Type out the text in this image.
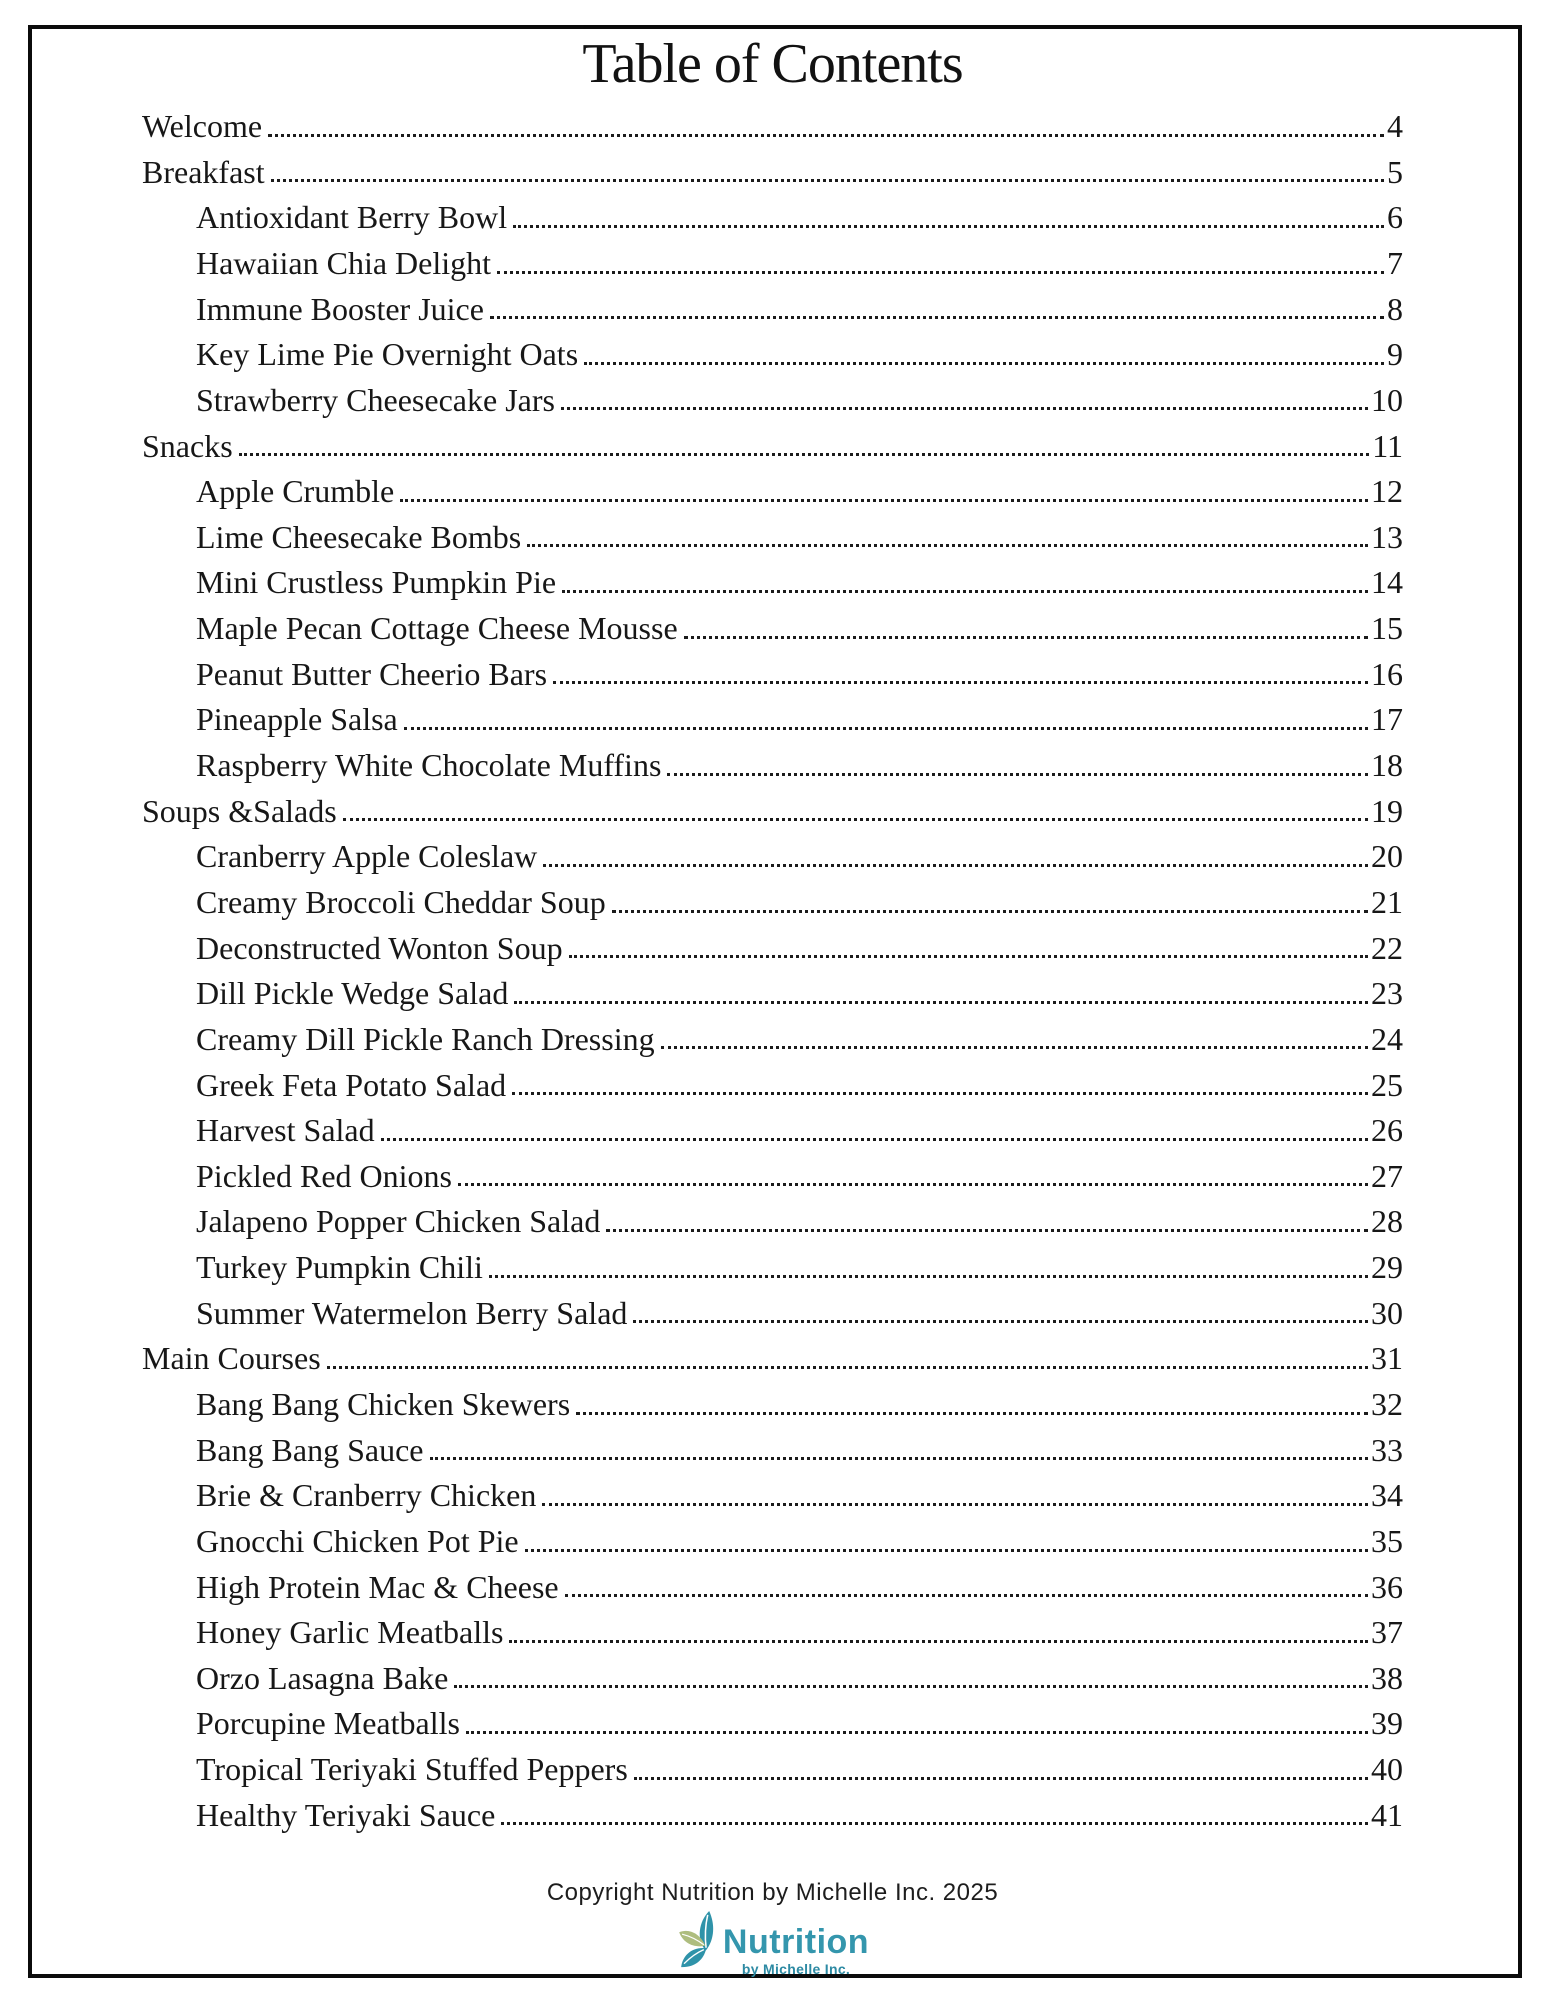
Table of Contents
Welcome	4
Breakfast	5
Antioxidant Berry Bowl	6
Hawaiian Chia Delight	7
Immune Booster Juice	8
Key Lime Pie Overnight Oats	9
Strawberry Cheesecake Jars	10
Snacks	11
Apple Crumble	12
Lime Cheesecake Bombs	13
Mini Crustless Pumpkin Pie	14
Maple Pecan Cottage Cheese Mousse	15
Peanut Butter Cheerio Bars	16
Pineapple Salsa	17
Raspberry White Chocolate Muffins	18
Soups &Salads	19
Cranberry Apple Coleslaw	20
Creamy Broccoli Cheddar Soup	21
Deconstructed Wonton Soup	22
Dill Pickle Wedge Salad	23
Creamy Dill Pickle Ranch Dressing	24
Greek Feta Potato Salad	25
Harvest Salad	26
Pickled Red Onions	27
Jalapeno Popper Chicken Salad	28
Turkey Pumpkin Chili	29
Summer Watermelon Berry Salad	30
Main Courses	31
Bang Bang Chicken Skewers	32
Bang Bang Sauce	33
Brie & Cranberry Chicken	34
Gnocchi Chicken Pot Pie	35
High Protein Mac & Cheese	36
Honey Garlic Meatballs	37
Orzo Lasagna Bake	38
Porcupine Meatballs	39
Tropical Teriyaki Stuffed Peppers	40
Healthy Teriyaki Sauce	41
Copyright Nutrition by Michelle Inc. 2025
Nutrition
by Michelle Inc.
